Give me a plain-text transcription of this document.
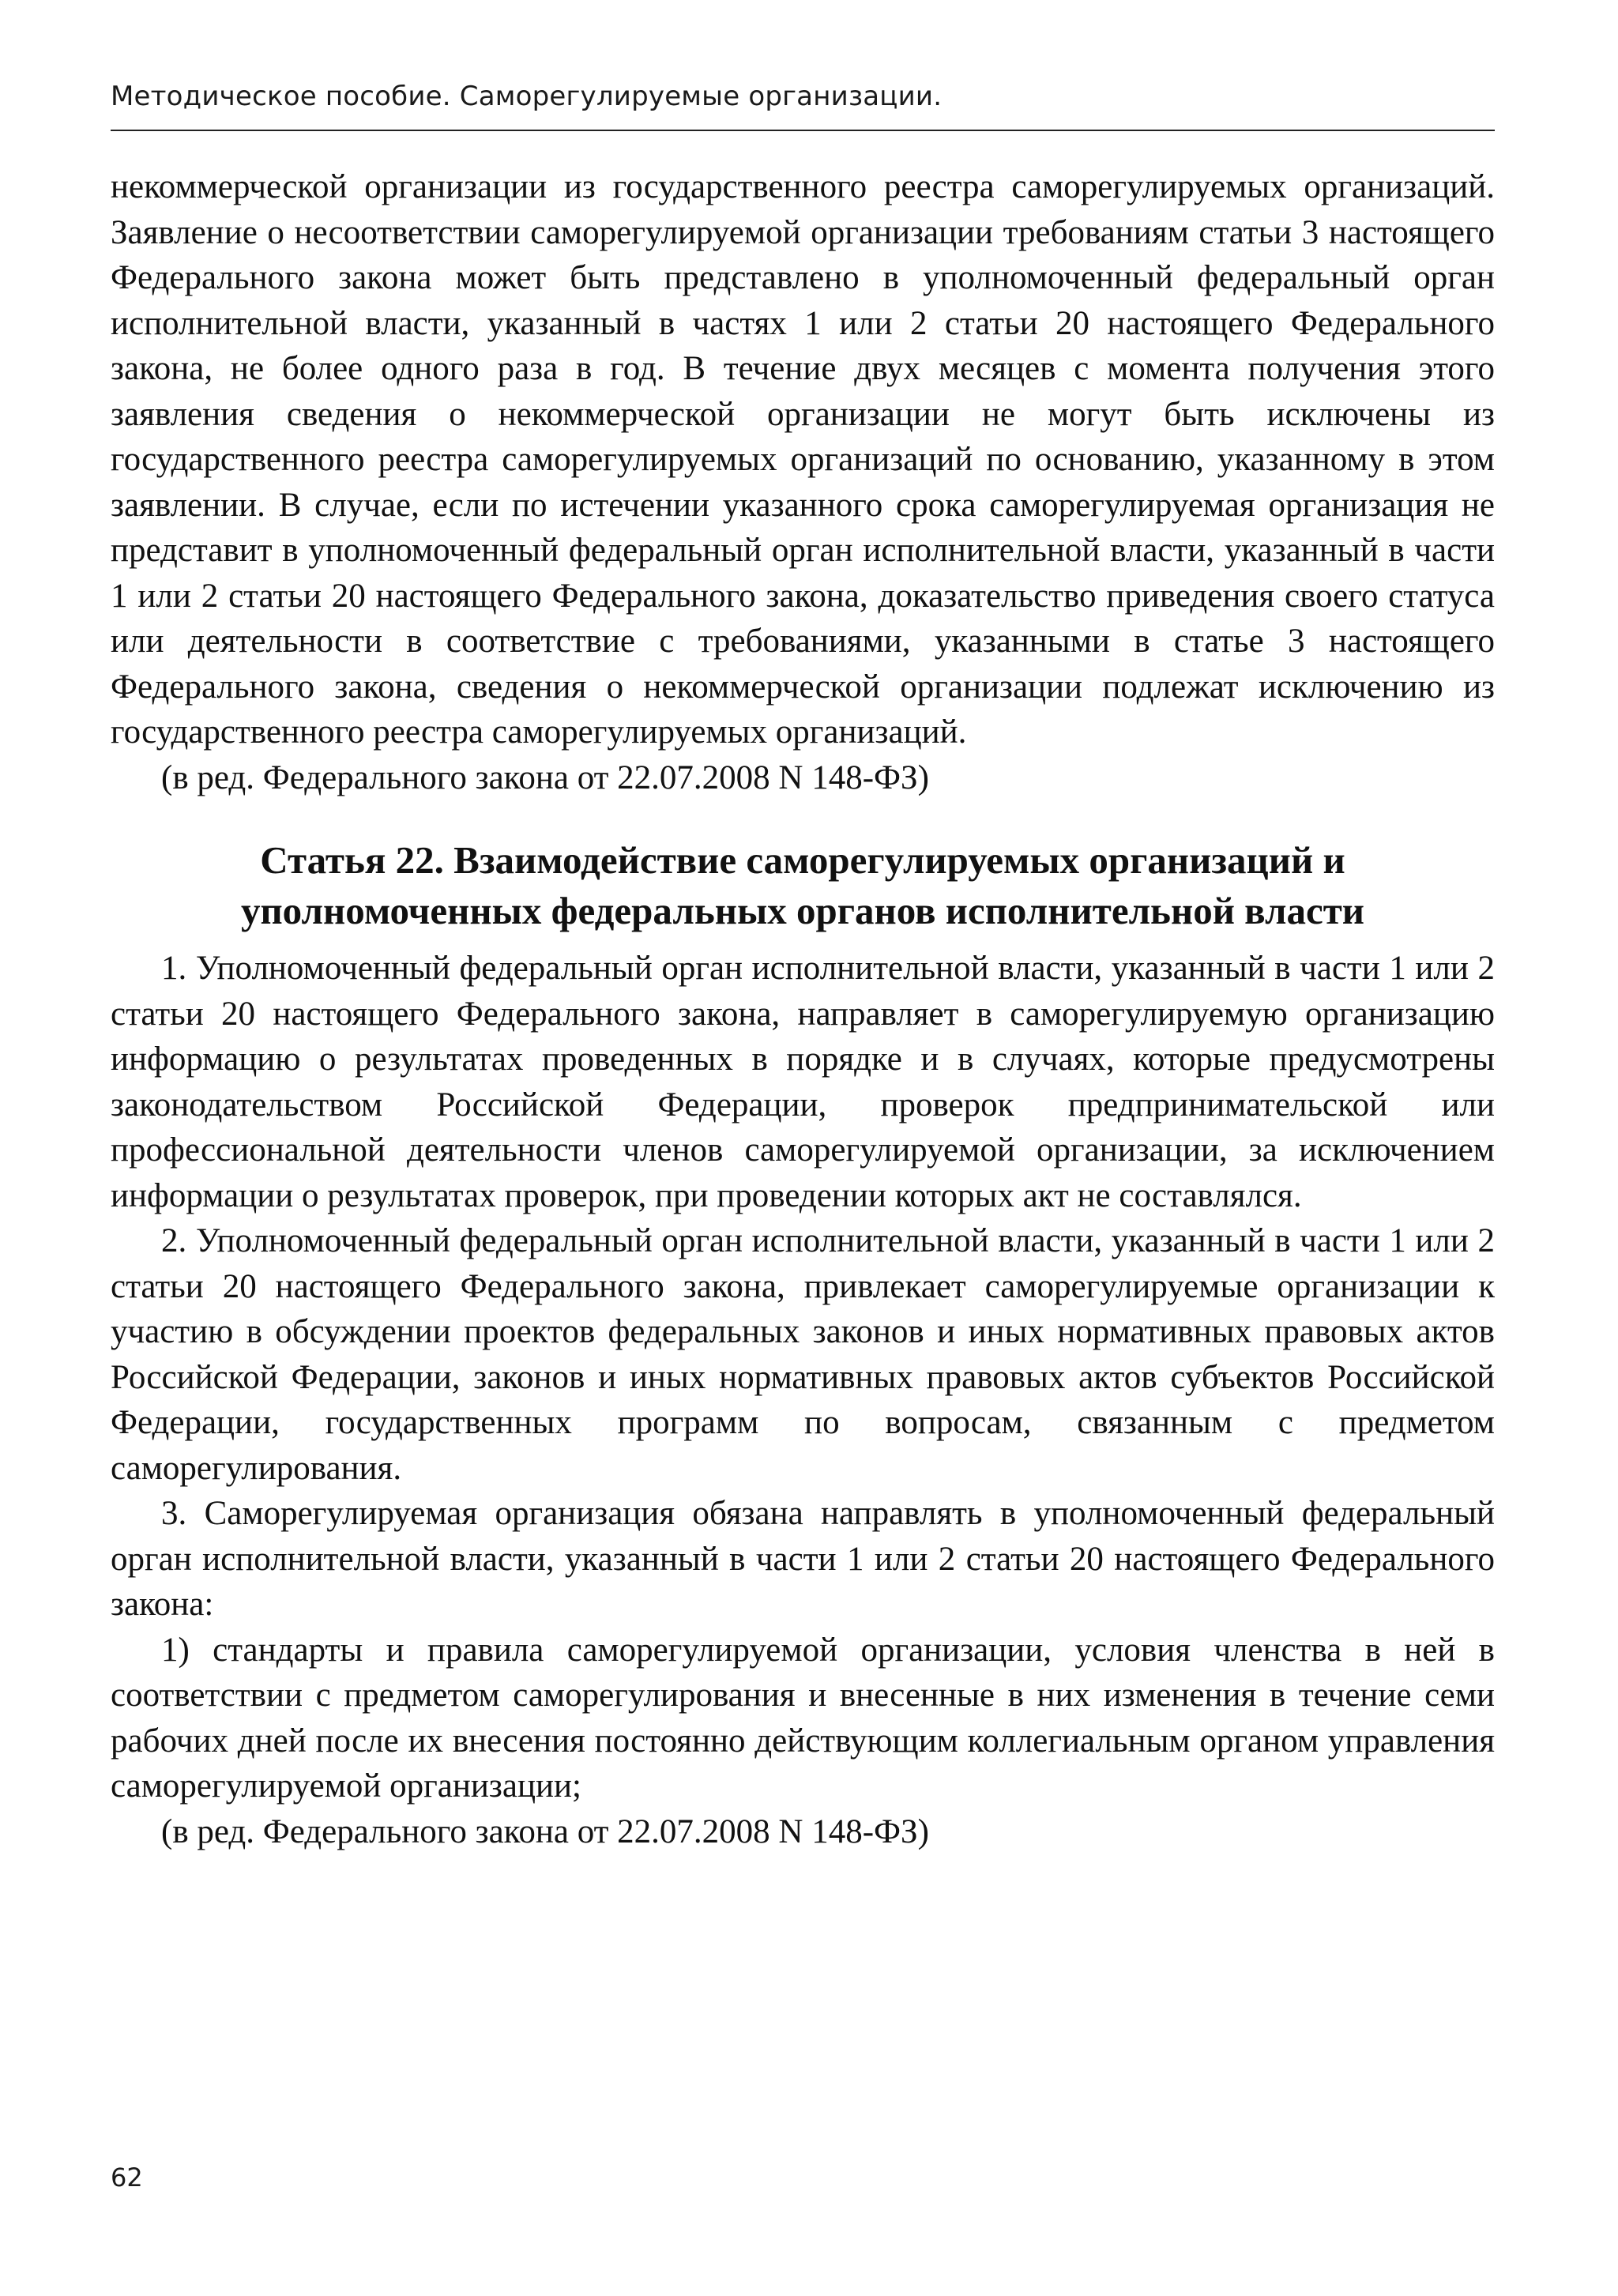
Методическое пособие. Саморегулируемые организации.

некоммерческой организации из государственного реестра саморегулируемых организаций. Заявление о несоответствии саморегулируемой организации требованиям статьи 3 настоящего Федерального закона может быть представлено в уполномоченный федеральный орган исполнительной власти, указанный в частях 1 или 2 статьи 20 настоящего Федерального закона, не более одного раза в год. В течение двух месяцев с момента получения этого заявления сведения о некоммерческой организации не могут быть исключены из государственного реестра саморегулируемых организаций по основанию, указанному в этом заявлении. В случае, если по истечении указанного срока саморегулируемая организация не представит в уполномоченный федеральный орган исполнительной власти, указанный в части 1 или 2 статьи 20 настоящего Федерального закона, доказательство приведения своего статуса или деятельности в соответствие с требованиями, указанными в статье 3 настоящего Федерального закона, сведения о некоммерческой организации подлежат исключению из государственного реестра саморегулируемых организаций.

(в ред. Федерального закона от 22.07.2008 N 148-ФЗ)

Статья 22. Взаимодействие саморегулируемых организаций и
уполномоченных федеральных органов исполнительной власти

1. Уполномоченный федеральный орган исполнительной власти, указанный в части 1 или 2 статьи 20 настоящего Федерального закона, направляет в саморегулируемую организацию информацию о результатах проведенных в порядке и в случаях, которые предусмотрены законодательством Российской Федерации, проверок предпринимательской или профессиональной деятельности членов саморегулируемой организации, за исключением информации о результатах проверок, при проведении которых акт не составлялся.

2. Уполномоченный федеральный орган исполнительной власти, указанный в части 1 или 2 статьи 20 настоящего Федерального закона, привлекает саморегулируемые организации к участию в обсуждении проектов федеральных законов и иных нормативных правовых актов Российской Федерации, законов и иных нормативных правовых актов субъектов Российской Федерации, государственных программ по вопросам, связанным с предметом саморегулирования.

3. Саморегулируемая организация обязана направлять в уполномоченный федеральный орган исполнительной власти, указанный в части 1 или 2 статьи 20 настоящего Федерального закона:

1) стандарты и правила саморегулируемой организации, условия членства в ней в соответствии с предметом саморегулирования и внесенные в них изменения в течение семи рабочих дней после их внесения постоянно действующим коллегиальным органом управления саморегулируемой организации;

(в ред. Федерального закона от 22.07.2008 N 148-ФЗ)

62
